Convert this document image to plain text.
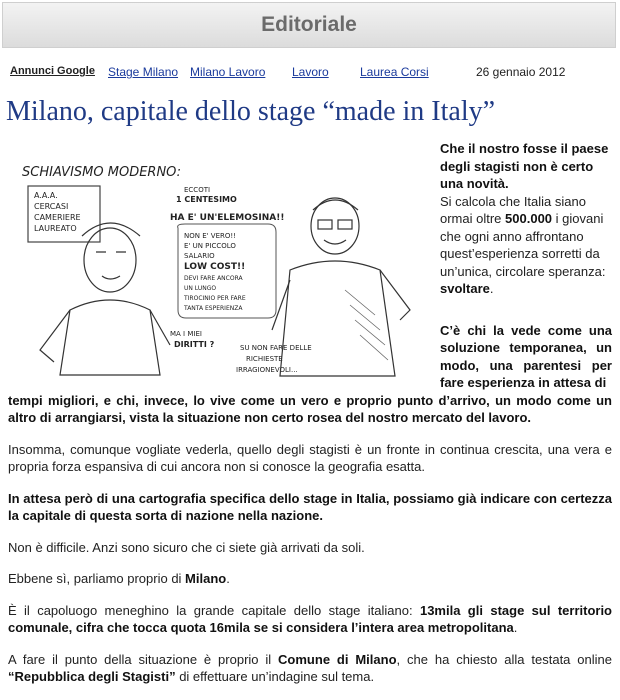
Editoriale
Annunci Google Stage Milano Milano Lavoro Lavoro	Laurea Corsi	26 gennaio 2012
Milano, capitale dello stage “made in Italy”
SCHIAVISMO MODERNO:
A.A.A.
CERCASI
CAMERIERE
LAUREATO
ECCOTI
1 CENTESIMO
HA E' UN'ELEMOSINA!!
NON E' VERO!!
E' UN PICCOLO
SALARIO
LOW COST!!
DEVI FARE ANCORA
UN LUNGO
TIROCINIO PER FARE
TANTA ESPERIENZA
MA I MIEI
DIRITTI ?	SU NON FARE DELLE
RICHIESTE
IRRAGIONEVOLI...

Che il nostro fosse il paese degli stagisti non è certo una novità.
Si calcola che Italia siano ormai oltre 500.000 i giovani che ogni anno affrontano quest’esperienza sorretti da un’unica, circolare speranza: svoltare.

C’è chi la vede come una soluzione temporanea, un modo, una parentesi per fare esperienza in attesa di

tempi migliori, e chi, invece, lo vive come un vero e proprio punto d’arrivo, un modo come un altro di arrangiarsi, vista la situazione non certo rosea del nostro mercato del lavoro.

Insomma, comunque vogliate vederla, quello degli stagisti è un fronte in continua crescita, una vera e propria forza espansiva di cui ancora non si conosce la geografia esatta.

In attesa però di una cartografia specifica dello stage in Italia, possiamo già indicare con certezza la capitale di questa sorta di nazione nella nazione.

Non è difficile. Anzi sono sicuro che ci siete già arrivati da soli.

Ebbene sì, parliamo proprio di Milano.

È il capoluogo meneghino la grande capitale dello stage italiano: 13mila gli stage sul territorio comunale, cifra che tocca quota 16mila se si considera l’intera area metropolitana.

A fare il punto della situazione è proprio il Comune di Milano, che ha chiesto alla testata online “Repubblica degli Stagisti” di effettuare un’indagine sul tema.
